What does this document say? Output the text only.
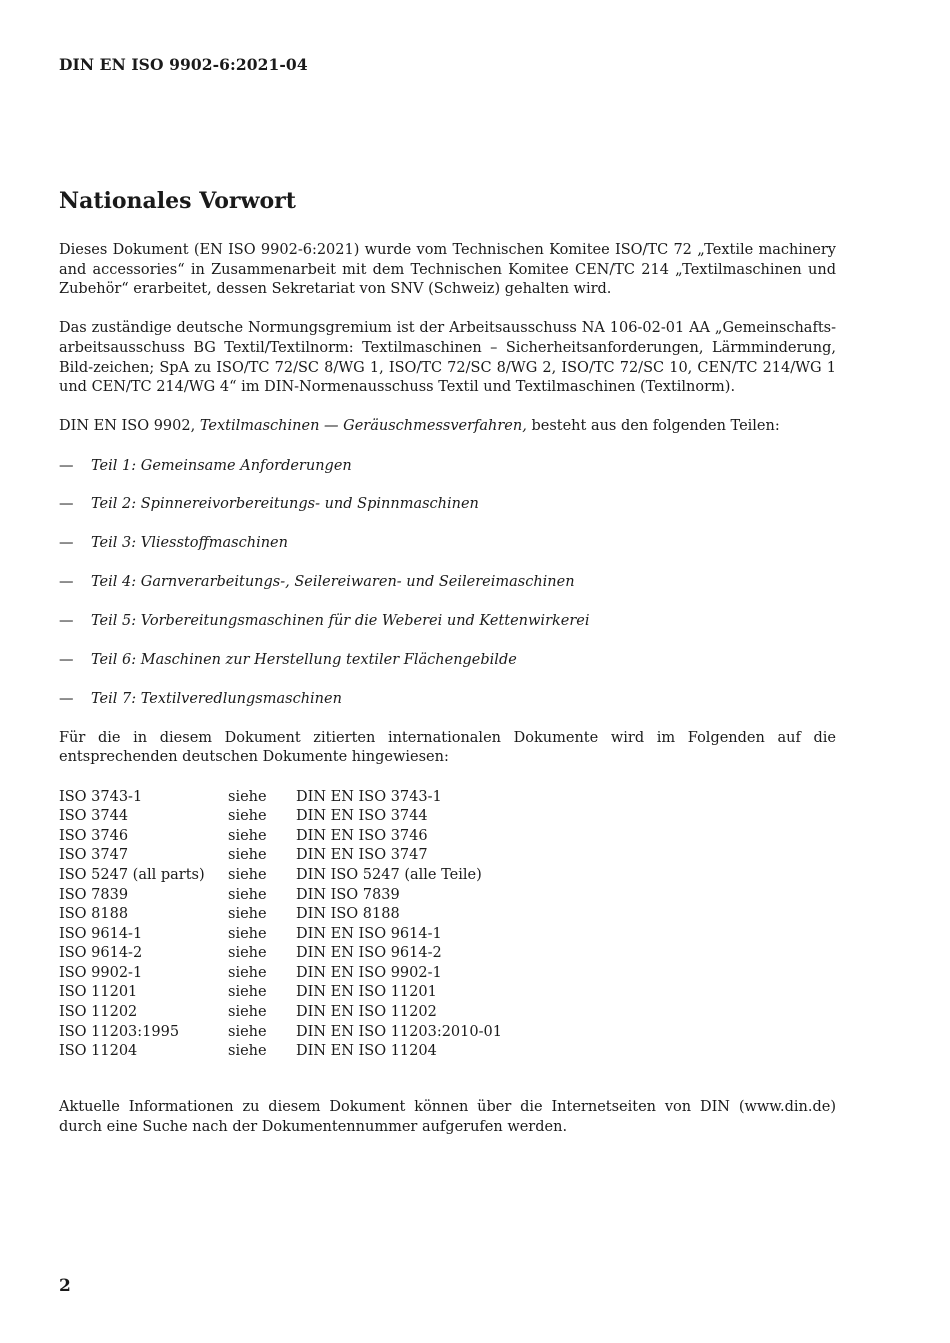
DIN EN ISO 9902-6:2021-04
Nationales Vorwort

Dieses Dokument (EN ISO 9902-6:2021) wurde vom Technischen Komitee ISO/TC 72 „Textile machinery and accessories“ in Zusammenarbeit mit dem Technischen Komitee CEN/TC 214 „Textilmaschinen und Zubehör“ erarbeitet, dessen Sekretariat von SNV (Schweiz) gehalten wird.

Das zuständige deutsche Normungsgremium ist der Arbeitsausschuss NA 106-02-01 AA „Gemeinschafts-arbeitsausschuss BG Textil/Textilnorm: Textilmaschinen – Sicherheitsanforderungen, Lärmminderung, Bild-zeichen; SpA zu ISO/TC 72/SC 8/WG 1, ISO/TC 72/SC 8/WG 2, ISO/TC 72/SC 10, CEN/TC 214/WG 1 und CEN/TC 214/WG 4“ im DIN-Normenausschuss Textil und Textilmaschinen (Textilnorm).

DIN EN ISO 9902, Textilmaschinen — Geräuschmessverfahren, besteht aus den folgenden Teilen:

—	Teil 1: Gemeinsame Anforderungen
—	Teil 2: Spinnereivorbereitungs- und Spinnmaschinen
—	Teil 3: Vliesstoffmaschinen
—	Teil 4: Garnverarbeitungs-, Seilereiwaren- und Seilereimaschinen
—	Teil 5: Vorbereitungsmaschinen für die Weberei und Kettenwirkerei
—	Teil 6: Maschinen zur Herstellung textiler Flächengebilde
—	Teil 7: Textilveredlungsmaschinen

Für die in diesem Dokument zitierten internationalen Dokumente wird im Folgenden auf die entsprechenden deutschen Dokumente hingewiesen:

ISO 3743-1	siehe	DIN EN ISO 3743-1
ISO 3744	siehe	DIN EN ISO 3744
ISO 3746	siehe	DIN EN ISO 3746
ISO 3747	siehe	DIN EN ISO 3747
ISO 5247 (all parts)	siehe	DIN ISO 5247 (alle Teile)
ISO 7839	siehe	DIN ISO 7839
ISO 8188	siehe	DIN ISO 8188
ISO 9614-1	siehe	DIN EN ISO 9614-1
ISO 9614-2	siehe	DIN EN ISO 9614-2
ISO 9902-1	siehe	DIN EN ISO 9902-1
ISO 11201	siehe	DIN EN ISO 11201
ISO 11202	siehe	DIN EN ISO 11202
ISO 11203:1995	siehe	DIN EN ISO 11203:2010-01
ISO 11204	siehe	DIN EN ISO 11204

Aktuelle Informationen zu diesem Dokument können über die Internetseiten von DIN (www.din.de) durch eine Suche nach der Dokumentennummer aufgerufen werden.

2
